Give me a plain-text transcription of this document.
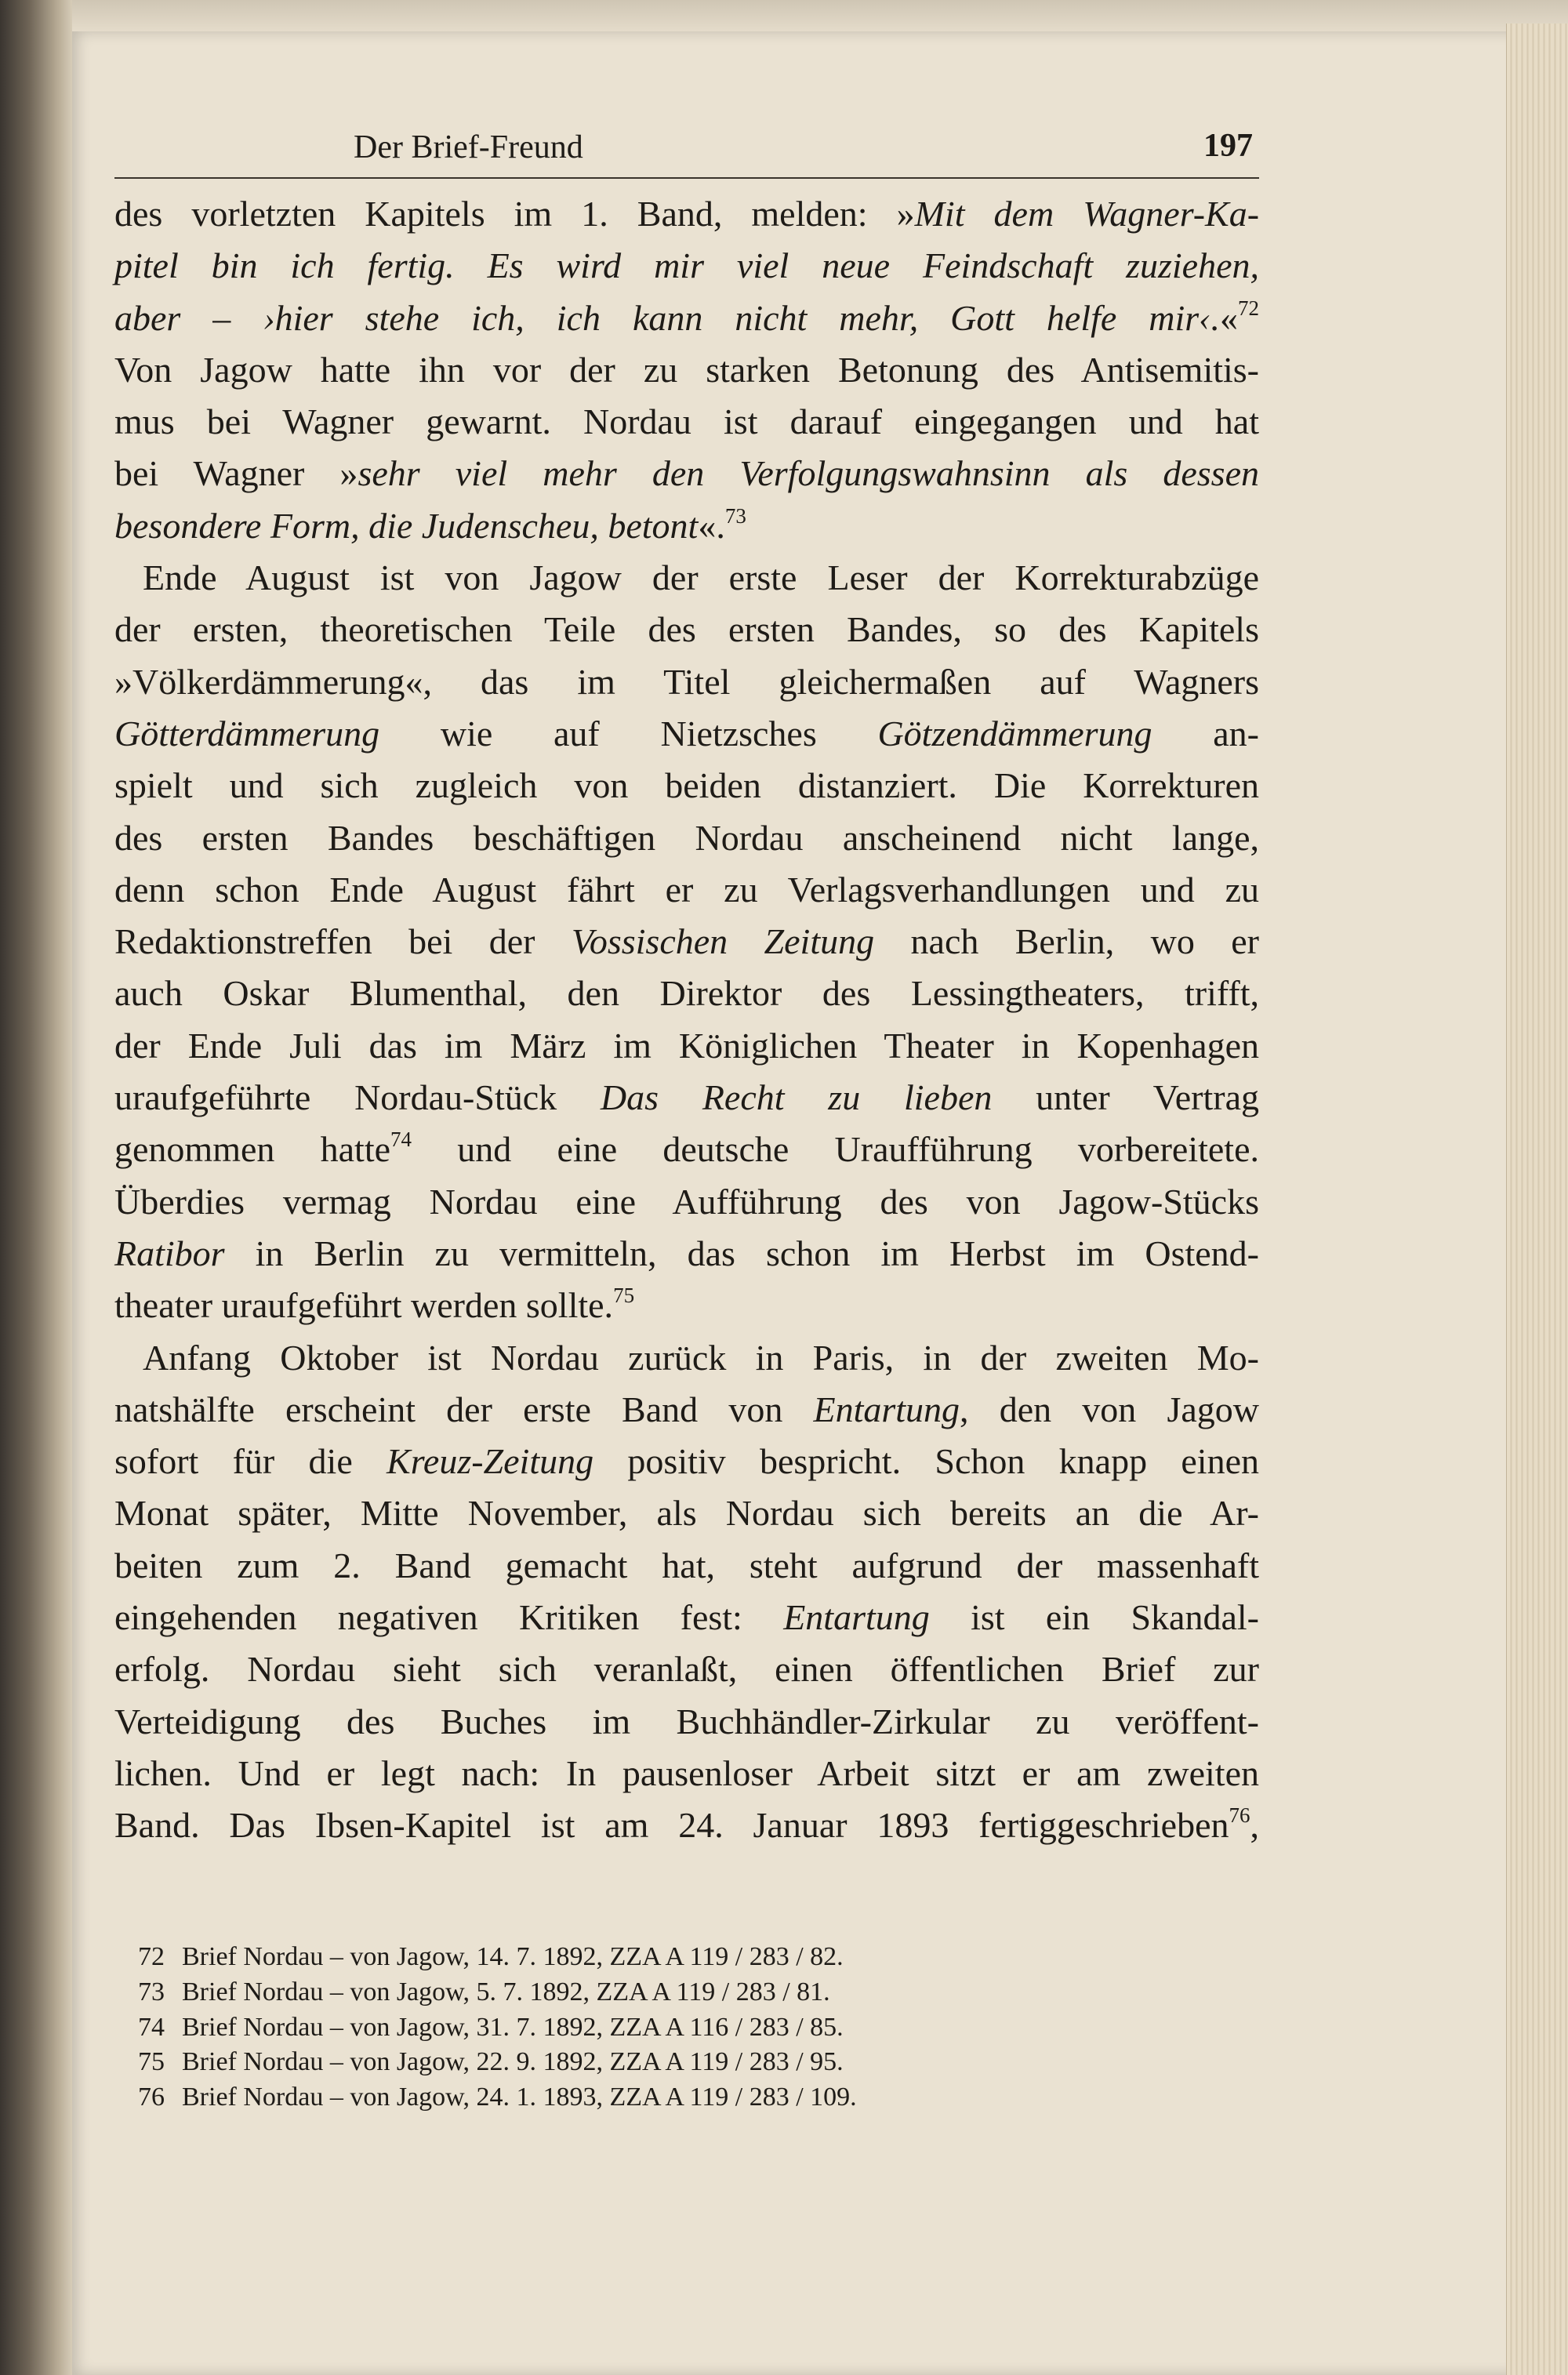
Der Brief-Freund	197

des vorletzten Kapitels im 1. Band, melden: »Mit dem Wagner-Ka-
pitel bin ich fertig. Es wird mir viel neue Feindschaft zuziehen,
aber – ›hier stehe ich, ich kann nicht mehr, Gott helfe mir‹.«$^{72}$
Von Jagow hatte ihn vor der zu starken Betonung des Antisemitis-
mus bei Wagner gewarnt. Nordau ist darauf eingegangen und hat
bei Wagner »sehr viel mehr den Verfolgungswahnsinn als dessen
besondere Form, die Judenscheu, betont«.$^{73}$

Ende August ist von Jagow der erste Leser der Korrekturabzüge
der ersten, theoretischen Teile des ersten Bandes, so des Kapitels
»Völkerdämmerung«, das im Titel gleichermaßen auf Wagners
Götterdämmerung wie auf Nietzsches Götzendämmerung an-
spielt und sich zugleich von beiden distanziert. Die Korrekturen
des ersten Bandes beschäftigen Nordau anscheinend nicht lange,
denn schon Ende August fährt er zu Verlagsverhandlungen und zu
Redaktionstreffen bei der Vossischen Zeitung nach Berlin, wo er
auch Oskar Blumenthal, den Direktor des Lessingtheaters, trifft,
der Ende Juli das im März im Königlichen Theater in Kopenhagen
uraufgeführte Nordau-Stück Das Recht zu lieben unter Vertrag
genommen hatte$^{74}$ und eine deutsche Uraufführung vorbereitete.
Überdies vermag Nordau eine Aufführung des von Jagow-Stücks
Ratibor in Berlin zu vermitteln, das schon im Herbst im Ostend-
theater uraufgeführt werden sollte.$^{75}$

Anfang Oktober ist Nordau zurück in Paris, in der zweiten Mo-
natshälfte erscheint der erste Band von Entartung, den von Jagow
sofort für die Kreuz-Zeitung positiv bespricht. Schon knapp einen
Monat später, Mitte November, als Nordau sich bereits an die Ar-
beiten zum 2. Band gemacht hat, steht aufgrund der massenhaft
eingehenden negativen Kritiken fest: Entartung ist ein Skandal-
erfolg. Nordau sieht sich veranlaßt, einen öffentlichen Brief zur
Verteidigung des Buches im Buchhändler-Zirkular zu veröffent-
lichen. Und er legt nach: In pausenloser Arbeit sitzt er am zweiten
Band. Das Ibsen-Kapitel ist am 24. Januar 1893 fertiggeschrieben$^{76}$,

72 Brief Nordau – von Jagow, 14. 7. 1892, ZZA A 119 / 283 / 82.
73 Brief Nordau – von Jagow, 5. 7. 1892, ZZA A 119 / 283 / 81.
74 Brief Nordau – von Jagow, 31. 7. 1892, ZZA A 116 / 283 / 85.
75 Brief Nordau – von Jagow, 22. 9. 1892, ZZA A 119 / 283 / 95.
76 Brief Nordau – von Jagow, 24. 1. 1893, ZZA A 119 / 283 / 109.
